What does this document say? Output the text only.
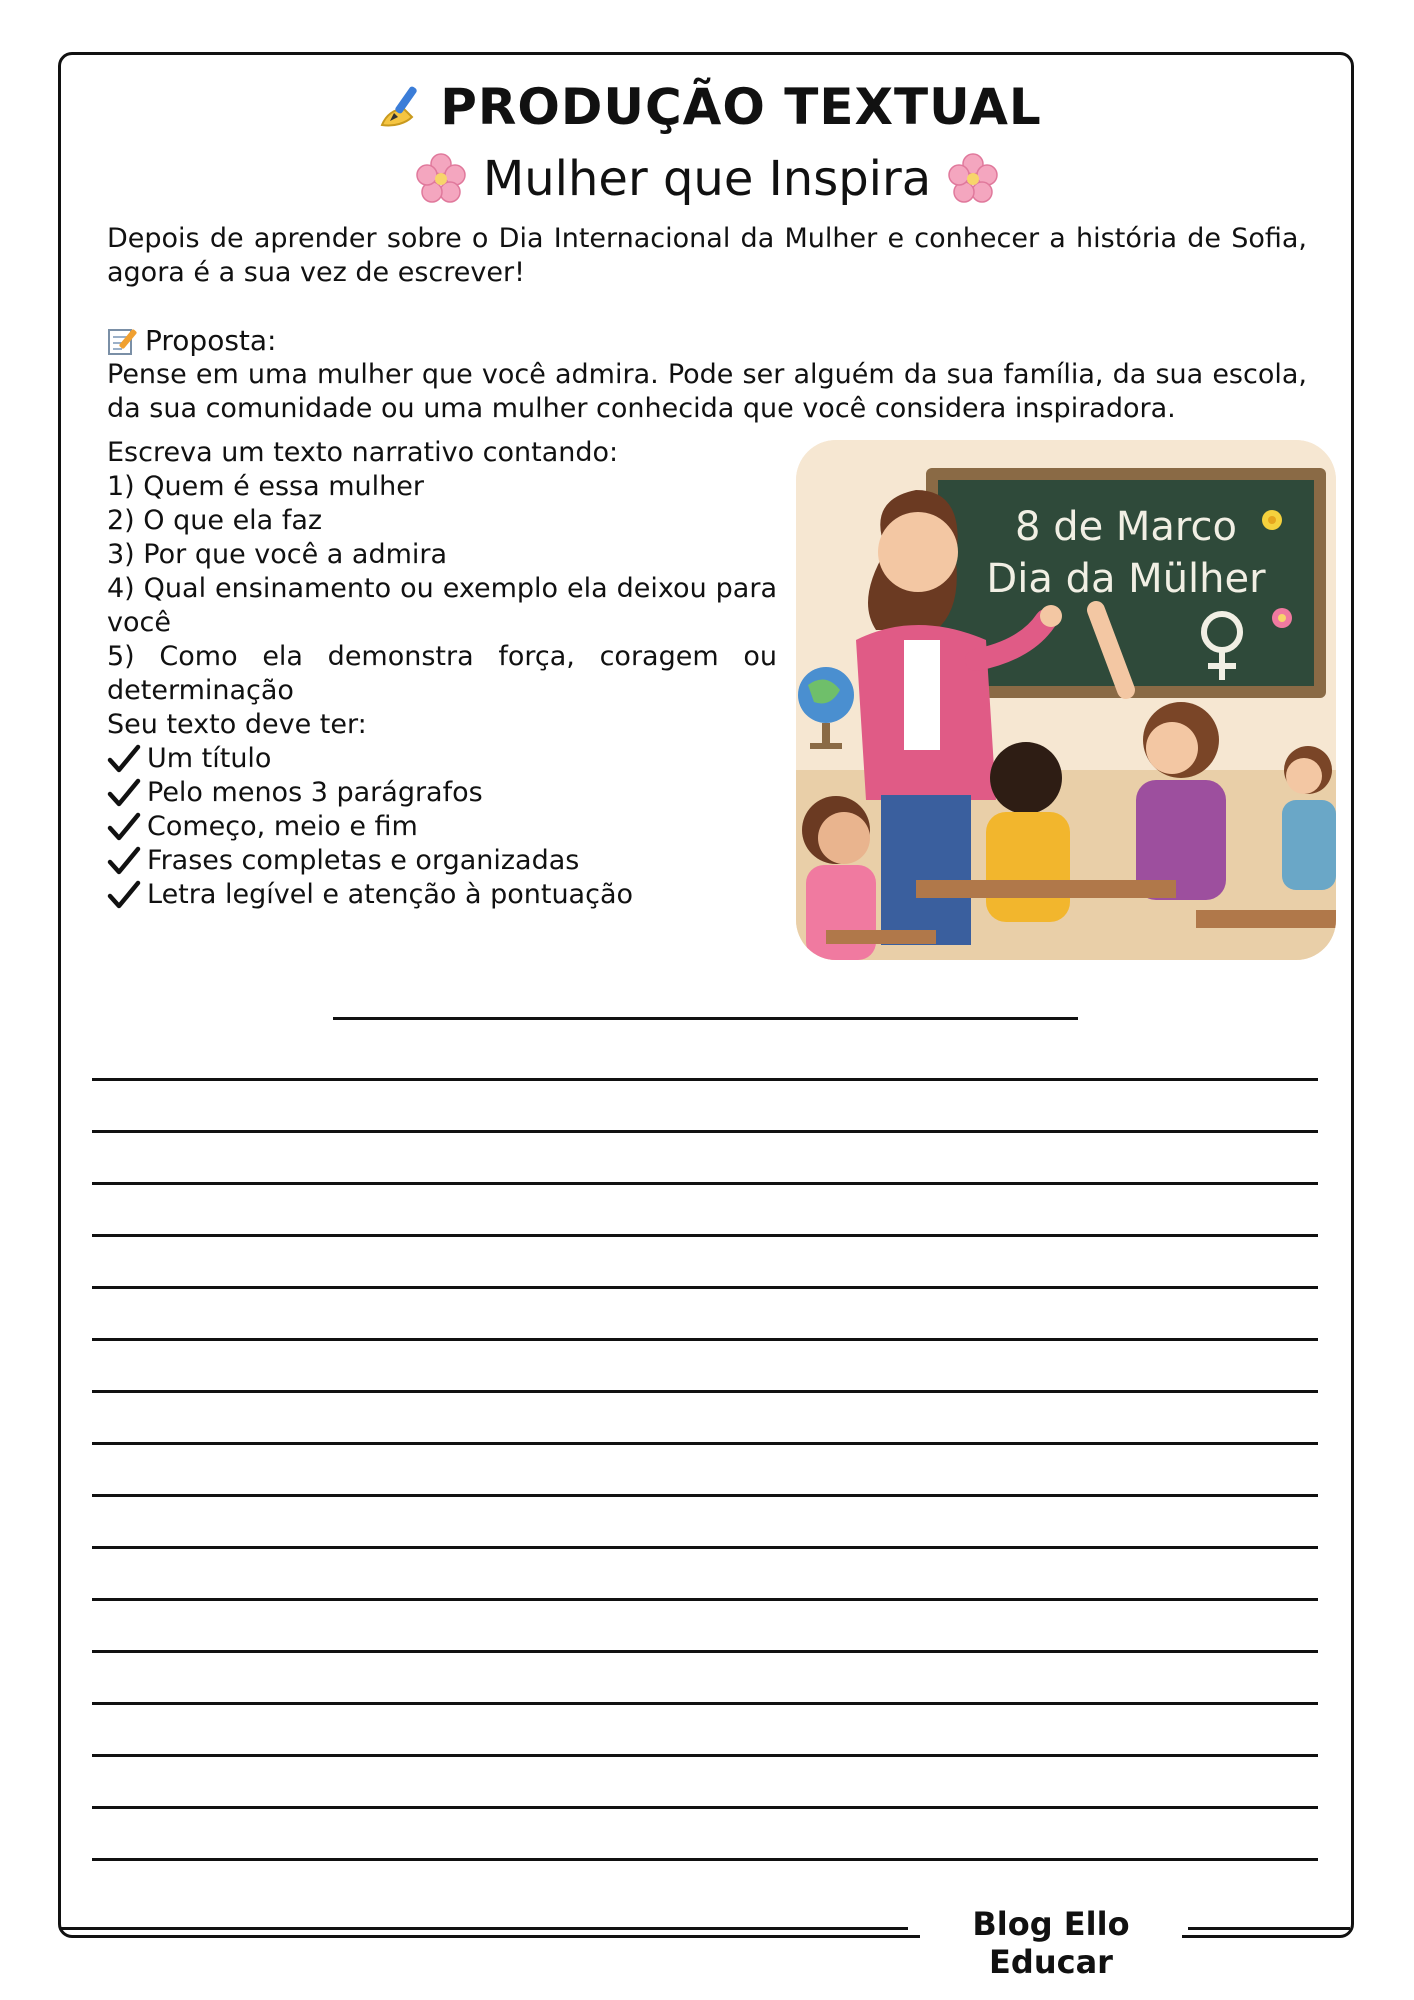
PRODUÇÃO TEXTUAL
Mulher que Inspira
Depois de aprender sobre o Dia Internacional da Mulher e conhecer a história de Sofia, agora é a sua vez de escrever!
Proposta:
Pense em uma mulher que você admira. Pode ser alguém da sua família, da sua escola, da sua comunidade ou uma mulher conhecida que você considera inspiradora.
Escreva um texto narrativo contando:
1) Quem é essa mulher
2) O que ela faz
3) Por que você a admira
4) Qual ensinamento ou exemplo ela deixou para você
5) Como ela demonstra força, coragem ou determinação
Seu texto deve ter:
Um título
Pelo menos 3 parágrafos
Começo, meio e fim
Frases completas e organizadas
Letra legível e atenção à pontuação
8 de Marco
Dia da Mülher
Blog Ello Educar
